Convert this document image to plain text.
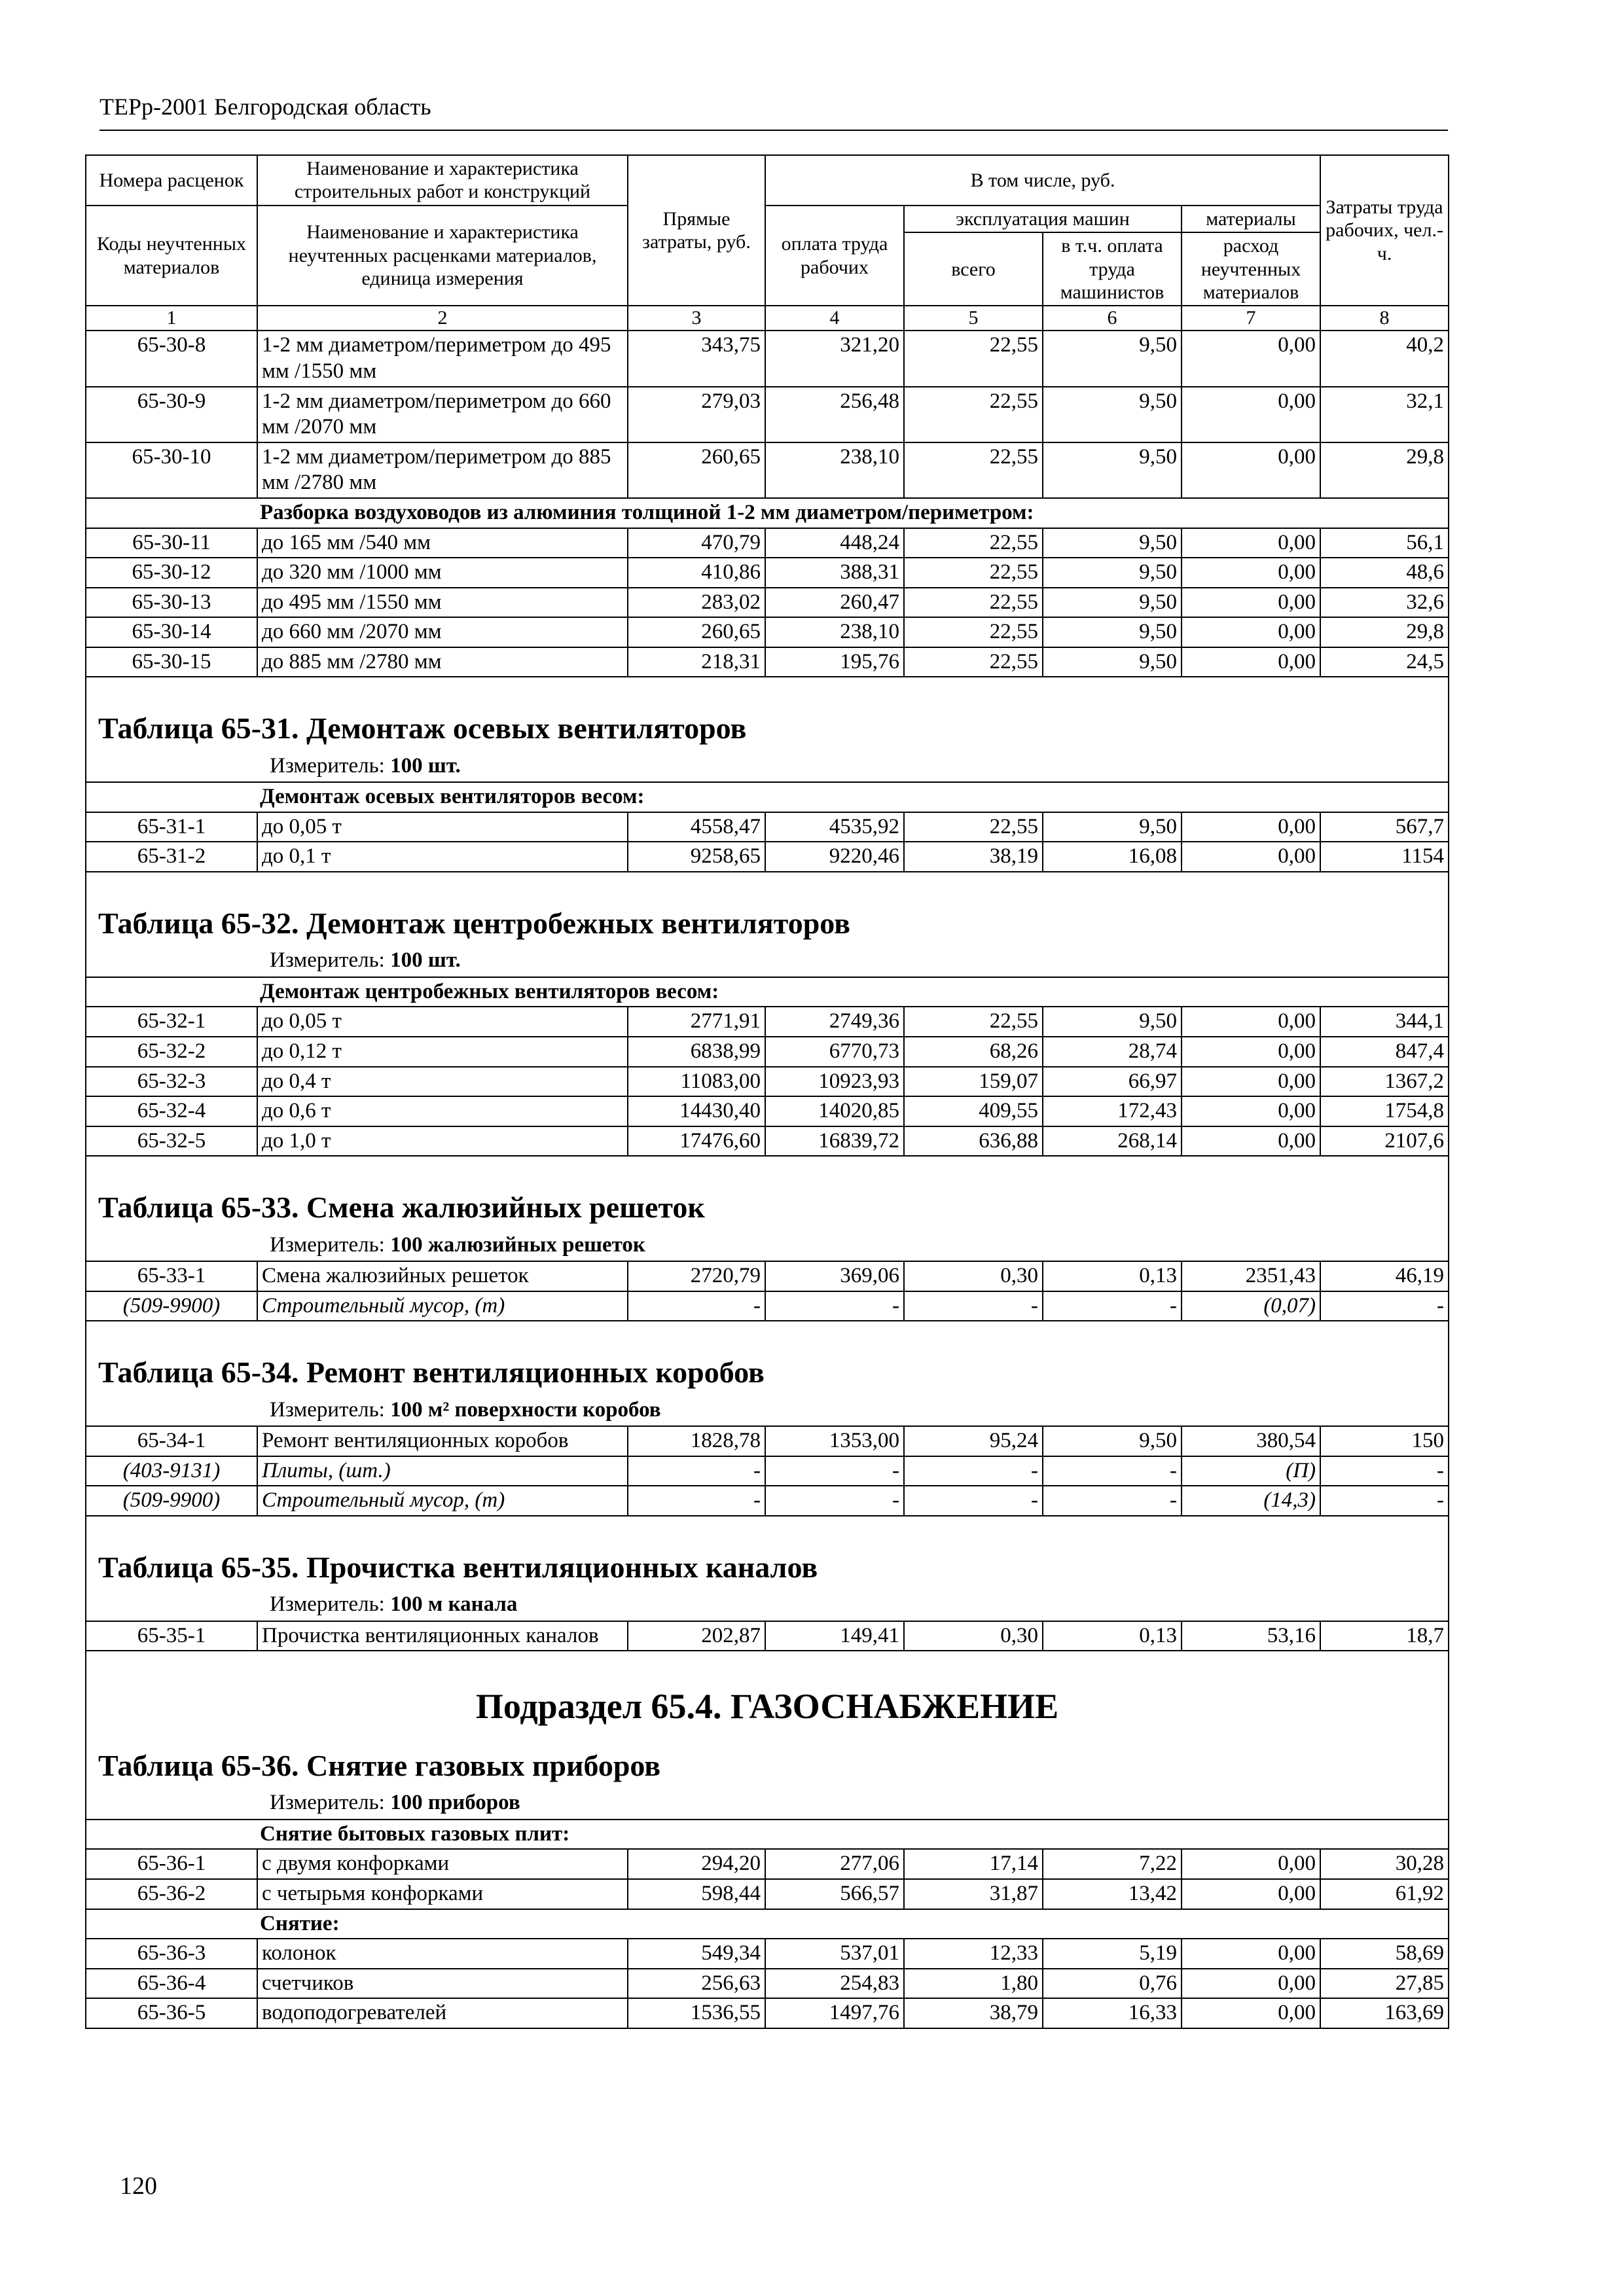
ТЕРр-2001 Белгородская область
Номера расценок	Наименование и характеристика строительных работ и конструкций	Прямые затраты, руб.	В том числе, руб.				Затраты труда рабочих, чел.-ч.
Коды неучтенных материалов	Наименование и характеристика неучтенных расценками материалов, единица измерения		оплата труда рабочих	эксплуатация машин		материалы	
				всего	в т.ч. оплата труда машинистов	расход неучтенных материалов	
1	2	3	4	5	6	7	8
65-30-8	1-2 мм диаметром/периметром до 495 мм /1550 мм	343,75	321,20	22,55	9,50	0,00	40,2
65-30-9	1-2 мм диаметром/периметром до 660 мм /2070 мм	279,03	256,48	22,55	9,50	0,00	32,1
65-30-10	1-2 мм диаметром/периметром до 885 мм /2780 мм	260,65	238,10	22,55	9,50	0,00	29,8
	Разборка воздуховодов из алюминия толщиной 1-2 мм диаметром/периметром:						
65-30-11	до 165 мм /540 мм	470,79	448,24	22,55	9,50	0,00	56,1
65-30-12	до 320 мм /1000 мм	410,86	388,31	22,55	9,50	0,00	48,6
65-30-13	до 495 мм /1550 мм	283,02	260,47	22,55	9,50	0,00	32,6
65-30-14	до 660 мм /2070 мм	260,65	238,10	22,55	9,50	0,00	29,8
65-30-15	до 885 мм /2780 мм	218,31	195,76	22,55	9,50	0,00	24,5

Таблица 65-31. Демонтаж осевых вентиляторов
Измеритель: 100 шт.							

	Демонтаж осевых вентиляторов весом:						
65-31-1	до 0,05 т	4558,47	4535,92	22,55	9,50	0,00	567,7
65-31-2	до 0,1 т	9258,65	9220,46	38,19	16,08	0,00	1154

Таблица 65-32. Демонтаж центробежных вентиляторов
Измеритель: 100 шт.							

	Демонтаж центробежных вентиляторов весом:						
65-32-1	до 0,05 т	2771,91	2749,36	22,55	9,50	0,00	344,1
65-32-2	до 0,12 т	6838,99	6770,73	68,26	28,74	0,00	847,4
65-32-3	до 0,4 т	11083,00	10923,93	159,07	66,97	0,00	1367,2
65-32-4	до 0,6 т	14430,40	14020,85	409,55	172,43	0,00	1754,8
65-32-5	до 1,0 т	17476,60	16839,72	636,88	268,14	0,00	2107,6

Таблица 65-33. Смена жалюзийных решеток
Измеритель: 100 жалюзийных решеток							

65-33-1	Смена жалюзийных решеток	2720,79	369,06	0,30	0,13	2351,43	46,19
(509-9900)	Строительный мусор, (т)	-	-	-	-	(0,07)	-

Таблица 65-34. Ремонт вентиляционных коробов
Измеритель: 100 м² поверхности коробов							

65-34-1	Ремонт вентиляционных коробов	1828,78	1353,00	95,24	9,50	380,54	150
(403-9131)	Плиты, (шт.)	-	-	-	-	(П)	-
(509-9900)	Строительный мусор, (т)	-	-	-	-	(14,3)	-

Таблица 65-35. Прочистка вентиляционных каналов
Измеритель: 100 м канала							

65-35-1	Прочистка вентиляционных каналов	202,87	149,41	0,30	0,13	53,16	18,7

Подраздел 65.4. ГАЗОСНАБЖЕНИЕ							

Таблица 65-36. Снятие газовых приборов
Измеритель: 100 приборов							

	Снятие бытовых газовых плит:						
65-36-1	с двумя конфорками	294,20	277,06	17,14	7,22	0,00	30,28
65-36-2	с четырьмя конфорками	598,44	566,57	31,87	13,42	0,00	61,92
	Снятие:						
65-36-3	колонок	549,34	537,01	12,33	5,19	0,00	58,69
65-36-4	счетчиков	256,63	254,83	1,80	0,76	0,00	27,85
65-36-5	водоподогревателей	1536,55	1497,76	38,79	16,33	0,00	163,69
120
